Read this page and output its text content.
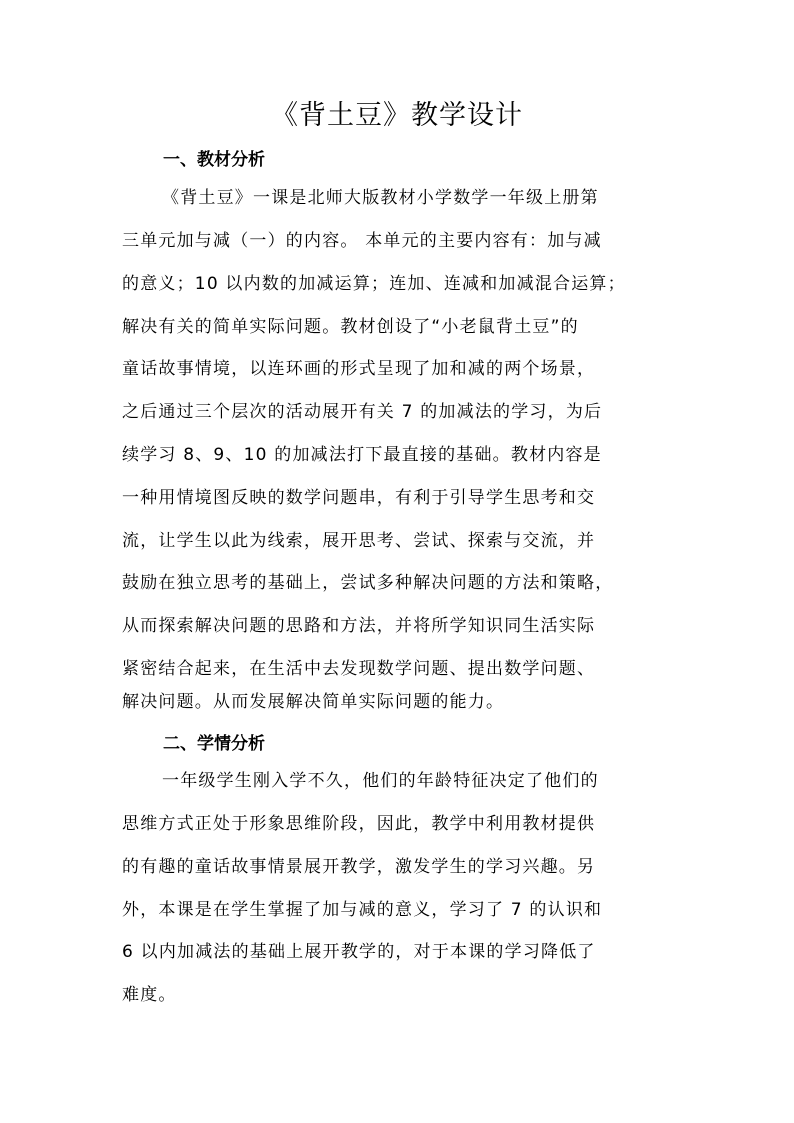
《背土豆》教学设计
一、教材分析
《背土豆》一课是北师大版教材小学数学一年级上册第
三单元加与减（一）的内容。 本单元的主要内容有：加与减
的意义；10 以内数的加减运算；连加、连减和加减混合运算；
解决有关的简单实际问题。教材创设了“小老鼠背土豆”的
童话故事情境，以连环画的形式呈现了加和减的两个场景，
之后通过三个层次的活动展开有关 7 的加减法的学习，为后
续学习 8、9、10 的加减法打下最直接的基础。教材内容是
一种用情境图反映的数学问题串，有利于引导学生思考和交
流，让学生以此为线索，展开思考、尝试、探索与交流，并
鼓励在独立思考的基础上，尝试多种解决问题的方法和策略，
从而探索解决问题的思路和方法，并将所学知识同生活实际
紧密结合起来，在生活中去发现数学问题、提出数学问题、
解决问题。从而发展解决简单实际问题的能力。
二、学情分析
一年级学生刚入学不久，他们的年龄特征决定了他们的
思维方式正处于形象思维阶段，因此，教学中利用教材提供
的有趣的童话故事情景展开教学，激发学生的学习兴趣。另
外，本课是在学生掌握了加与减的意义，学习了 7 的认识和
6 以内加减法的基础上展开教学的，对于本课的学习降低了
难度。
